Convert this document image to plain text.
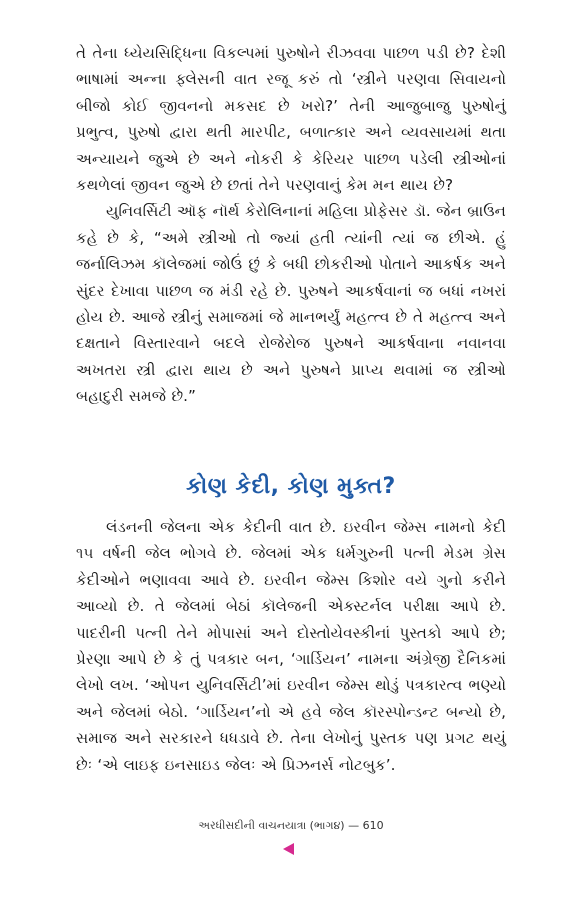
તે તેના ધ્યેયસિદ્ધિના વિકલ્પમાં પુરુષોને રીઝવવા પાછળ પડી છે? દેશી ભાષામાં અન્ના ફ્લેસની વાત રજૂ કરું તો ‘સ્ત્રીને પરણવા સિવાયનો બીજો કોઈ જીવનનો મકસદ છે ખરો?’ તેની આજુબાજુ પુરુષોનું પ્રભુત્વ, પુરુષો દ્વારા થતી મારપીટ, બળાત્કાર અને વ્યવસાયમાં થતા અન્યાયને જુએ છે અને નોકરી કે કેરિયર પાછળ પડેલી સ્ત્રીઓનાં કથળેલાં જીવન જુએ છે છતાં તેને પરણવાનું કેમ મન થાય છે?

યુનિવર્સિટી ઑફ નૉર્થ કેરોલિનાનાં મહિલા પ્રોફેસર ડૉ. જેન બ્રાઉન કહે છે કે, “અમે સ્ત્રીઓ તો જ્યાં હતી ત્યાંની ત્યાં જ છીએ. હું જર્નાલિઝમ કૉલેજમાં જોઉં છું કે બધી છોકરીઓ પોતાને આકર્ષક અને સુંદર દેખાવા પાછળ જ મંડી રહે છે. પુરુષને આકર્ષવાનાં જ બધાં નખરાં હોય છે. આજે સ્ત્રીનું સમાજમાં જે માનભર્યું મહત્ત્વ છે તે મહત્ત્વ અને દક્ષતાને વિસ્તારવાને બદલે રોજેરોજ પુરુષને આકર્ષવાના નવાનવા અખતરા સ્ત્રી દ્વારા થાય છે અને પુરુષને પ્રાપ્ય થવામાં જ સ્ત્રીઓ બહાદુરી સમજે છે.”

કોણ કેદી, કોણ મુક્ત?

લંડનની જેલના એક કેદીની વાત છે. ઇરવીન જેમ્સ નામનો કેદી ૧૫ વર્ષની જેલ ભોગવે છે. જેલમાં એક ધર્મગુરુની પત્ની મેડમ ગ્રેસ કેદીઓને ભણાવવા આવે છે. ઇરવીન જેમ્સ કિશોર વયે ગુનો કરીને આવ્યો છે. તે જેલમાં બેઠાં કૉલેજની એક્સ્ટર્નલ પરીક્ષા આપે છે. પાદરીની પત્ની તેને મોપાસાં અને દોસ્તોયેવસ્કીનાં પુસ્તકો આપે છે; પ્રેરણા આપે છે કે તું પત્રકાર બન, ‘ગાર્ડિયન’ નામના અંગ્રેજી દૈનિકમાં લેખો લખ. ‘ઓપન યુનિવર્સિટી’માં ઇરવીન જેમ્સ થોડું પત્રકારત્વ ભણ્યો અને જેલમાં બેઠો. ‘ગાર્ડિયન’નો એ હવે જેલ કૉરસ્પોન્ડન્ટ બન્યો છે, સમાજ અને સરકારને ધધડાવે છે. તેના લેખોનું પુસ્તક પણ પ્રગટ થયું છેઃ ‘એ લાઇફ ઇનસાઇડ જેલઃ એ પ્રિઝનર્સ નોટબુક’.

અરધીસદીની વાચનયાત્રા (ભાગ૪) — 610
